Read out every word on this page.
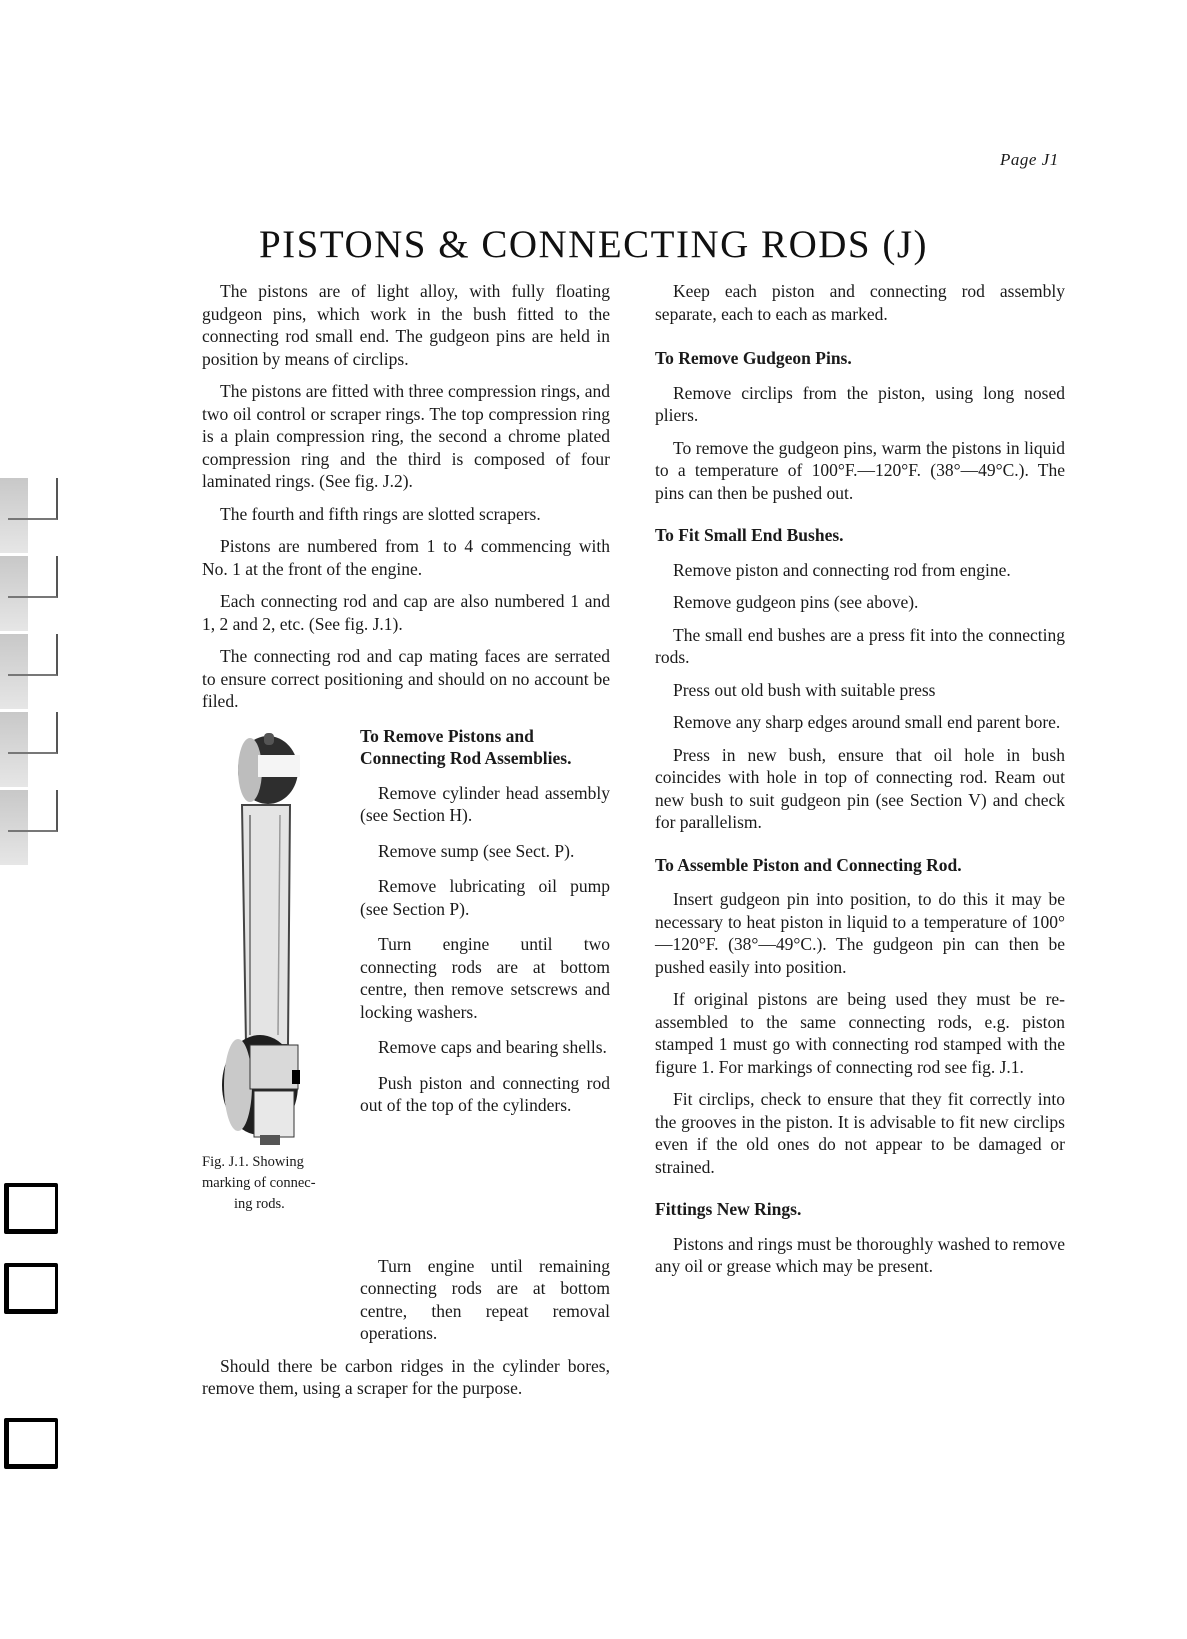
Page J1
PISTONS & CONNECTING RODS (J)

The pistons are of light alloy, with fully floating gudgeon pins, which work in the bush fitted to the connecting rod small end. The gudgeon pins are held in position by means of circlips.

The pistons are fitted with three compression rings, and two oil control or scraper rings. The top compression ring is a plain compression ring, the second a chrome plated compression ring and the third is composed of four laminated rings. (See fig. J.2).

The fourth and fifth rings are slotted scrapers.

Pistons are numbered from 1 to 4 commencing with No. 1 at the front of the engine.

Each connecting rod and cap are also numbered 1 and 1, 2 and 2, etc. (See fig. J.1).

The connecting rod and cap mating faces are serrated to ensure correct positioning and should on no account be filed.

Fig. J.1. Showing
marking of connec-
ing rods.
To Remove Pistons and Connecting Rod Assemblies.

Remove cylinder head assembly (see Section H).

Remove sump (see Sect. P).

Remove lubricating oil pump (see Section P).

Turn engine until two connecting rods are at bottom centre, then remove setscrews and locking washers.

Remove caps and bearing shells.

Push piston and connecting rod out of the top of the cylinders.

Turn engine until remaining connecting rods are at bottom centre, then repeat removal operations.

Should there be carbon ridges in the cylinder bores, remove them, using a scraper for the purpose.

Keep each piston and connecting rod assembly separate, each to each as marked.

To Remove Gudgeon Pins.

Remove circlips from the piston, using long nosed pliers.

To remove the gudgeon pins, warm the pistons in liquid to a temperature of 100°F.—120°F. (38°—49°C.). The pins can then be pushed out.

To Fit Small End Bushes.

Remove piston and connecting rod from engine.

Remove gudgeon pins (see above).

The small end bushes are a press fit into the connecting rods.

Press out old bush with suitable press

Remove any sharp edges around small end parent bore.

Press in new bush, ensure that oil hole in bush coincides with hole in top of connecting rod. Ream out new bush to suit gudgeon pin (see Section V) and check for parallelism.

To Assemble Piston and Connecting Rod.

Insert gudgeon pin into position, to do this it may be necessary to heat piston in liquid to a temperature of 100°—120°F. (38°—49°C.). The gudgeon pin can then be pushed easily into position.

If original pistons are being used they must be re-assembled to the same connecting rods, e.g. piston stamped 1 must go with connecting rod stamped with the figure 1. For markings of connecting rod see fig. J.1.

Fit circlips, check to ensure that they fit correctly into the grooves in the piston. It is advisable to fit new circlips even if the old ones do not appear to be damaged or strained.

Fittings New Rings.

Pistons and rings must be thoroughly washed to remove any oil or grease which may be present.
